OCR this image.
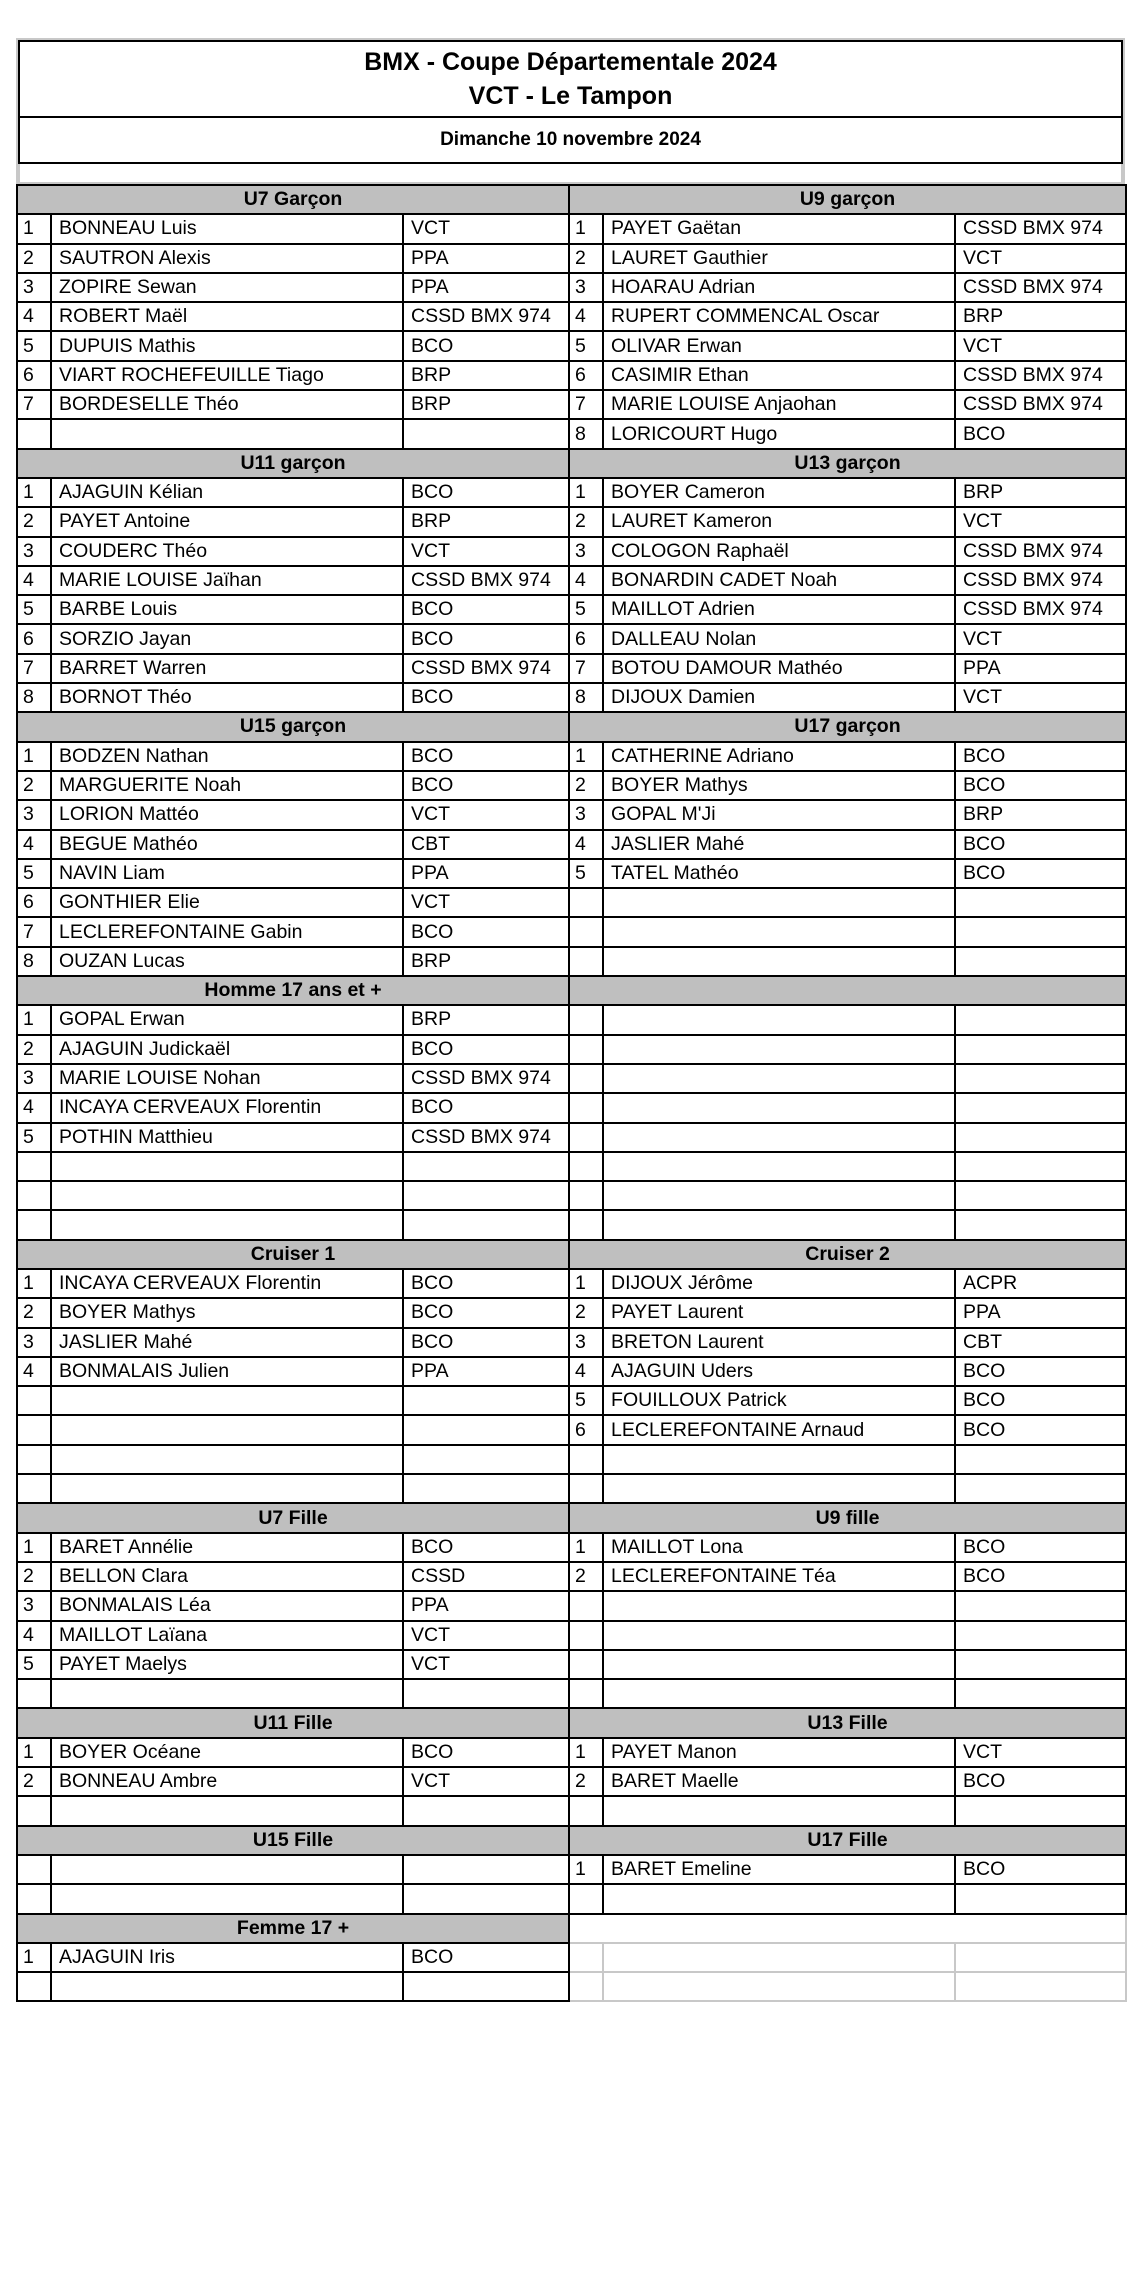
BMX - Coupe Départementale 2024
VCT - Le Tampon
Dimanche 10 novembre 2024
U7 Garçon			U9 garçon		
1	BONNEAU Luis	VCT	1	PAYET Gaëtan	CSSD BMX 974
2	SAUTRON Alexis	PPA	2	LAURET Gauthier	VCT
3	ZOPIRE Sewan	PPA	3	HOARAU Adrian	CSSD BMX 974
4	ROBERT Maël	CSSD BMX 974	4	RUPERT COMMENCAL Oscar	BRP
5	DUPUIS Mathis	BCO	5	OLIVAR Erwan	VCT
6	VIART ROCHEFEUILLE Tiago	BRP	6	CASIMIR Ethan	CSSD BMX 974
7	BORDESELLE Théo	BRP	7	MARIE LOUISE Anjaohan	CSSD BMX 974
			8	LORICOURT Hugo	BCO
U11 garçon			U13 garçon		
1	AJAGUIN Kélian	BCO	1	BOYER Cameron	BRP
2	PAYET Antoine	BRP	2	LAURET Kameron	VCT
3	COUDERC Théo	VCT	3	COLOGON Raphaël	CSSD BMX 974
4	MARIE LOUISE Jaïhan	CSSD BMX 974	4	BONARDIN CADET Noah	CSSD BMX 974
5	BARBE Louis	BCO	5	MAILLOT Adrien	CSSD BMX 974
6	SORZIO Jayan	BCO	6	DALLEAU Nolan	VCT
7	BARRET Warren	CSSD BMX 974	7	BOTOU DAMOUR Mathéo	PPA
8	BORNOT Théo	BCO	8	DIJOUX Damien	VCT
U15 garçon			U17 garçon		
1	BODZEN Nathan	BCO	1	CATHERINE Adriano	BCO
2	MARGUERITE Noah	BCO	2	BOYER Mathys	BCO
3	LORION Mattéo	VCT	3	GOPAL M'Ji	BRP
4	BEGUE Mathéo	CBT	4	JASLIER Mahé	BCO
5	NAVIN Liam	PPA	5	TATEL Mathéo	BCO
6	GONTHIER Elie	VCT			
7	LECLEREFONTAINE Gabin	BCO			
8	OUZAN Lucas	BRP			
Homme 17 ans et +					
1	GOPAL Erwan	BRP			
2	AJAGUIN Judickaël	BCO			
3	MARIE LOUISE Nohan	CSSD BMX 974			
4	INCAYA CERVEAUX Florentin	BCO			
5	POTHIN Matthieu	CSSD BMX 974			

Cruiser 1			Cruiser 2		
1	INCAYA CERVEAUX Florentin	BCO	1	DIJOUX Jérôme	ACPR
2	BOYER Mathys	BCO	2	PAYET Laurent	PPA
3	JASLIER Mahé	BCO	3	BRETON Laurent	CBT
4	BONMALAIS Julien	PPA	4	AJAGUIN Uders	BCO
			5	FOUILLOUX Patrick	BCO
			6	LECLEREFONTAINE Arnaud	BCO

U7 Fille			U9 fille		
1	BARET Annélie	BCO	1	MAILLOT Lona	BCO
2	BELLON Clara	CSSD	2	LECLEREFONTAINE Téa	BCO
3	BONMALAIS Léa	PPA			
4	MAILLOT Laïana	VCT			
5	PAYET Maelys	VCT			

U11 Fille			U13 Fille		
1	BOYER Océane	BCO	1	PAYET Manon	VCT
2	BONNEAU Ambre	VCT	2	BARET Maelle	BCO

U15 Fille			U17 Fille		
			1	BARET Emeline	BCO

Femme 17 +					
1	AJAGUIN Iris	BCO			
